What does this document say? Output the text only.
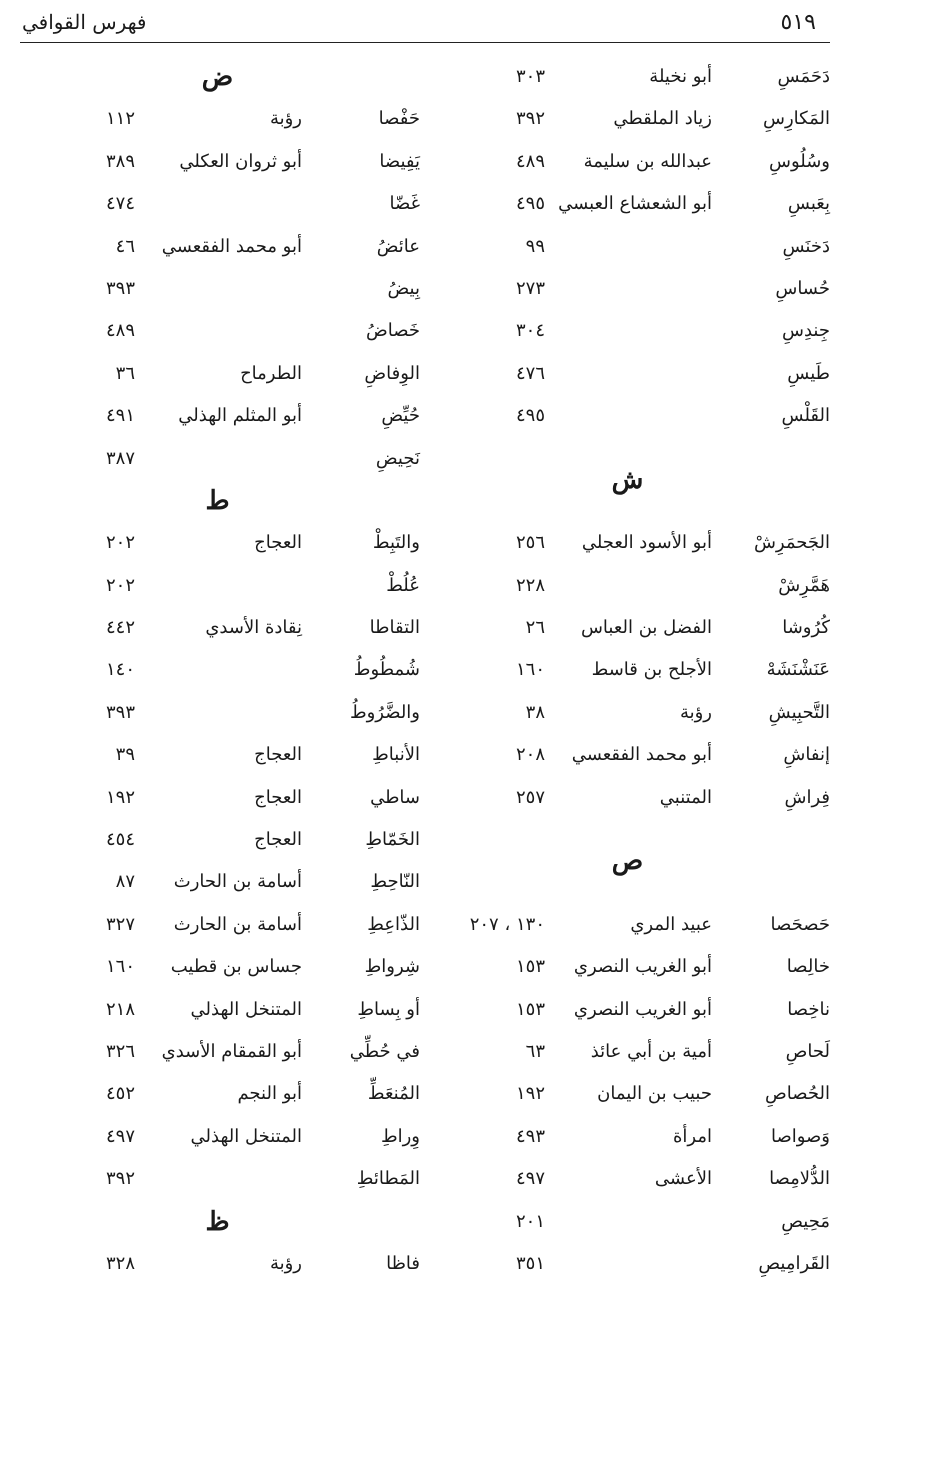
٥١٩
فهرس القوافي
دَحَمَسِ
أبو نخيلة
٣٠٣
المَكارِسِ
زياد الملقطي
٣٩٢
وسُلُوسِ
عبدالله بن سليمة
٤٨٩
بِعَبسِ
أبو الشعشاع العبسي
٤٩٥
دَخنَسِ
٩٩
حُساسِ
٢٧٣
جِندِسِ
٣٠٤
طَيسِ
٤٧٦
القَلْسِ
٤٩٥
ش
الجَحمَرِشْ
أبو الأسود العجلي
٢٥٦
هَمَّرِشْ
٢٢٨
كُرُوشا
الفضل بن العباس
٢٦
عَنَشْنَشَهْ
الأجلح بن قاسط
١٦٠
التَّحبِيشِ
رؤبة
٣٨
إنفاشِ
أبو محمد الفقعسي
٢٠٨
فِراشِ
المتنبي
٢٥٧
ص
حَصحَصا
عبيد المري
١٣٠ ، ٢٠٧
خالِصا
أبو الغريب النصري
١٥٣
ناخِصا
أبو الغريب النصري
١٥٣
لَحاصِ
أمية بن أبي عائذ
٦٣
الحُصاصِ
حبيب بن اليمان
١٩٢
وَصواصا
امرأة
٤٩٣
الدُّلامِصا
الأعشى
٤٩٧
مَحِيصِ
٢٠١
القَرامِيصِ
٣٥١
ض
حَفْصا
رؤبة
١١٢
يَفِيضا
أبو ثروان العكلي
٣٨٩
غَضّا
٤٧٤
عائضُ
أبو محمد الفقعسي
٤٦
بِيضُ
٣٩٣
خَصاضُ
٤٨٩
الوِفاضِ
الطرماح
٣٦
حُيِّضِ
أبو المثلم الهذلي
٤٩١
نَحِيضِ
٣٨٧
ط
والتَبِطْ
العجاج
٢٠٢
عُلُطْ
٢٠٢
التقاطا
نِقادة الأسدي
٤٤٢
شُمطُوطُ
١٤٠
والضَّرُوطُ
٣٩٣
الأنباطِ
العجاج
٣٩
ساطي
العجاج
١٩٢
الخَمّاطِ
العجاج
٤٥٤
النّاحِطِ
أسامة بن الحارث
٨٧
الذّاعِطِ
أسامة بن الحارث
٣٢٧
شِرواطِ
جساس بن قطيب
١٦٠
أو بِساطِ
المتنخل الهذلي
٢١٨
في حُطِّي
أبو القمقام الأسدي
٣٢٦
المُنعَطِّ
أبو النجم
٤٥٢
وِراطِ
المتنخل الهذلي
٤٩٧
المَطائطِ
٣٩٢
ظ
فاظا
رؤبة
٣٢٨
